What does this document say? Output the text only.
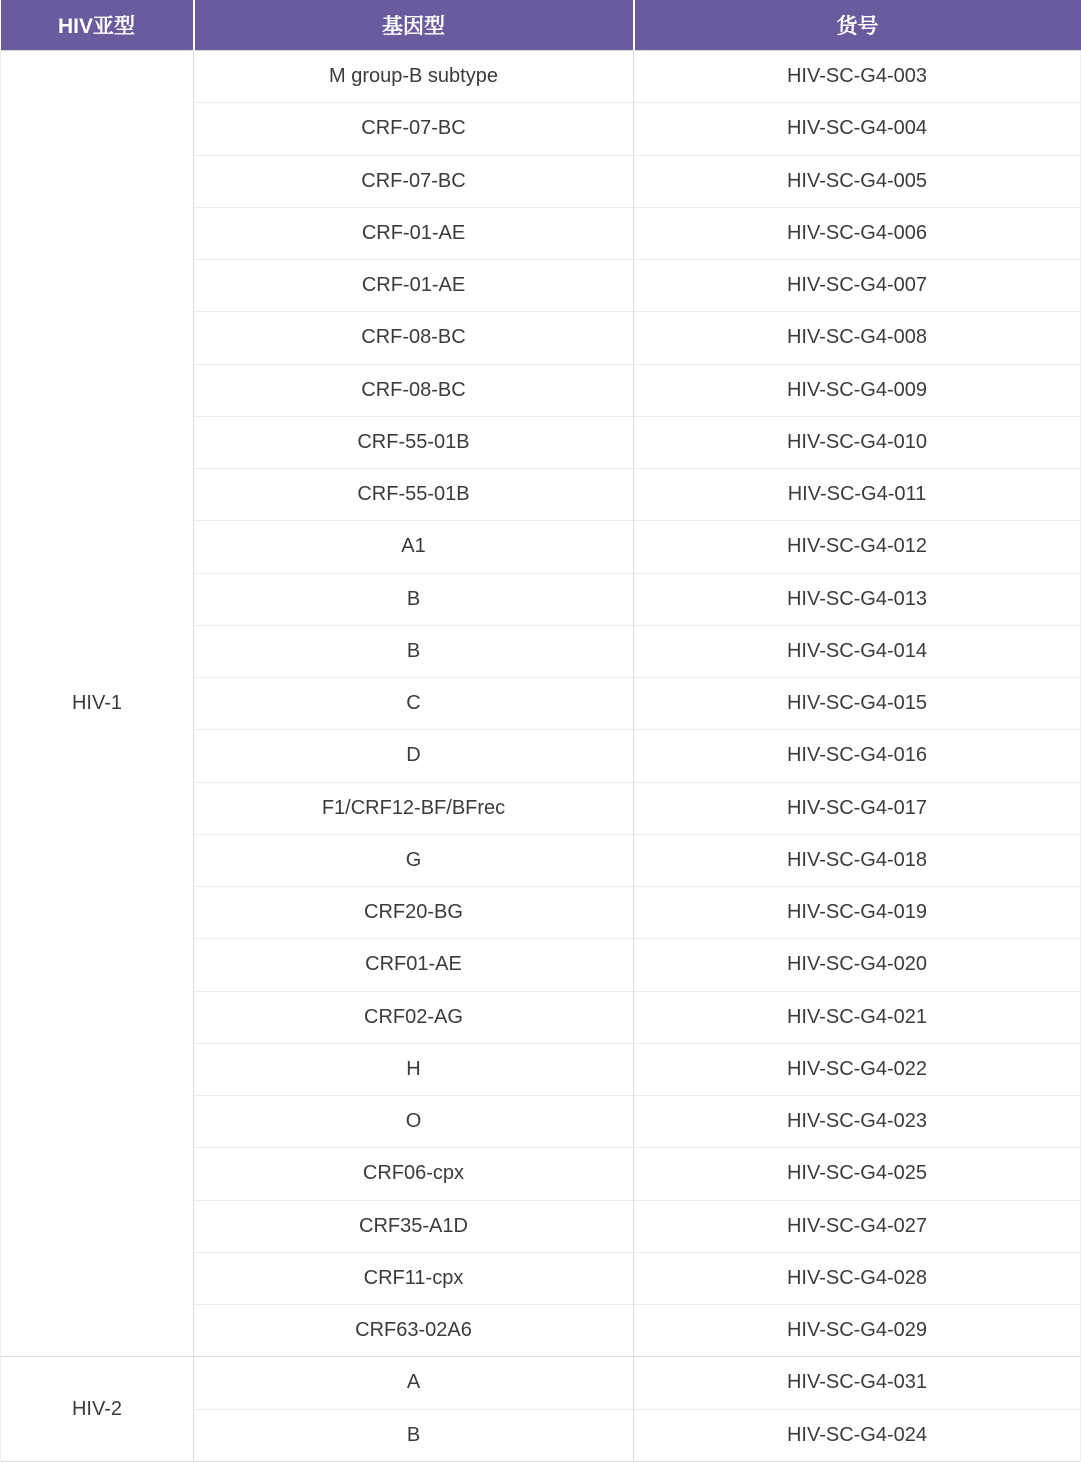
HIV亚型	基因型	货号
HIV-1	M group-B subtype	HIV-SC-G4-003
	CRF-07-BC	HIV-SC-G4-004
	CRF-07-BC	HIV-SC-G4-005
	CRF-01-AE	HIV-SC-G4-006
	CRF-01-AE	HIV-SC-G4-007
	CRF-08-BC	HIV-SC-G4-008
	CRF-08-BC	HIV-SC-G4-009
	CRF-55-01B	HIV-SC-G4-010
	CRF-55-01B	HIV-SC-G4-011
	A1	HIV-SC-G4-012
	B	HIV-SC-G4-013
	B	HIV-SC-G4-014
	C	HIV-SC-G4-015
	D	HIV-SC-G4-016
	F1/CRF12-BF/BFrec	HIV-SC-G4-017
	G	HIV-SC-G4-018
	CRF20-BG	HIV-SC-G4-019
	CRF01-AE	HIV-SC-G4-020
	CRF02-AG	HIV-SC-G4-021
	H	HIV-SC-G4-022
	O	HIV-SC-G4-023
	CRF06-cpx	HIV-SC-G4-025
	CRF35-A1D	HIV-SC-G4-027
	CRF11-cpx	HIV-SC-G4-028
	CRF63-02A6	HIV-SC-G4-029
HIV-2	A	HIV-SC-G4-031
	B	HIV-SC-G4-024
